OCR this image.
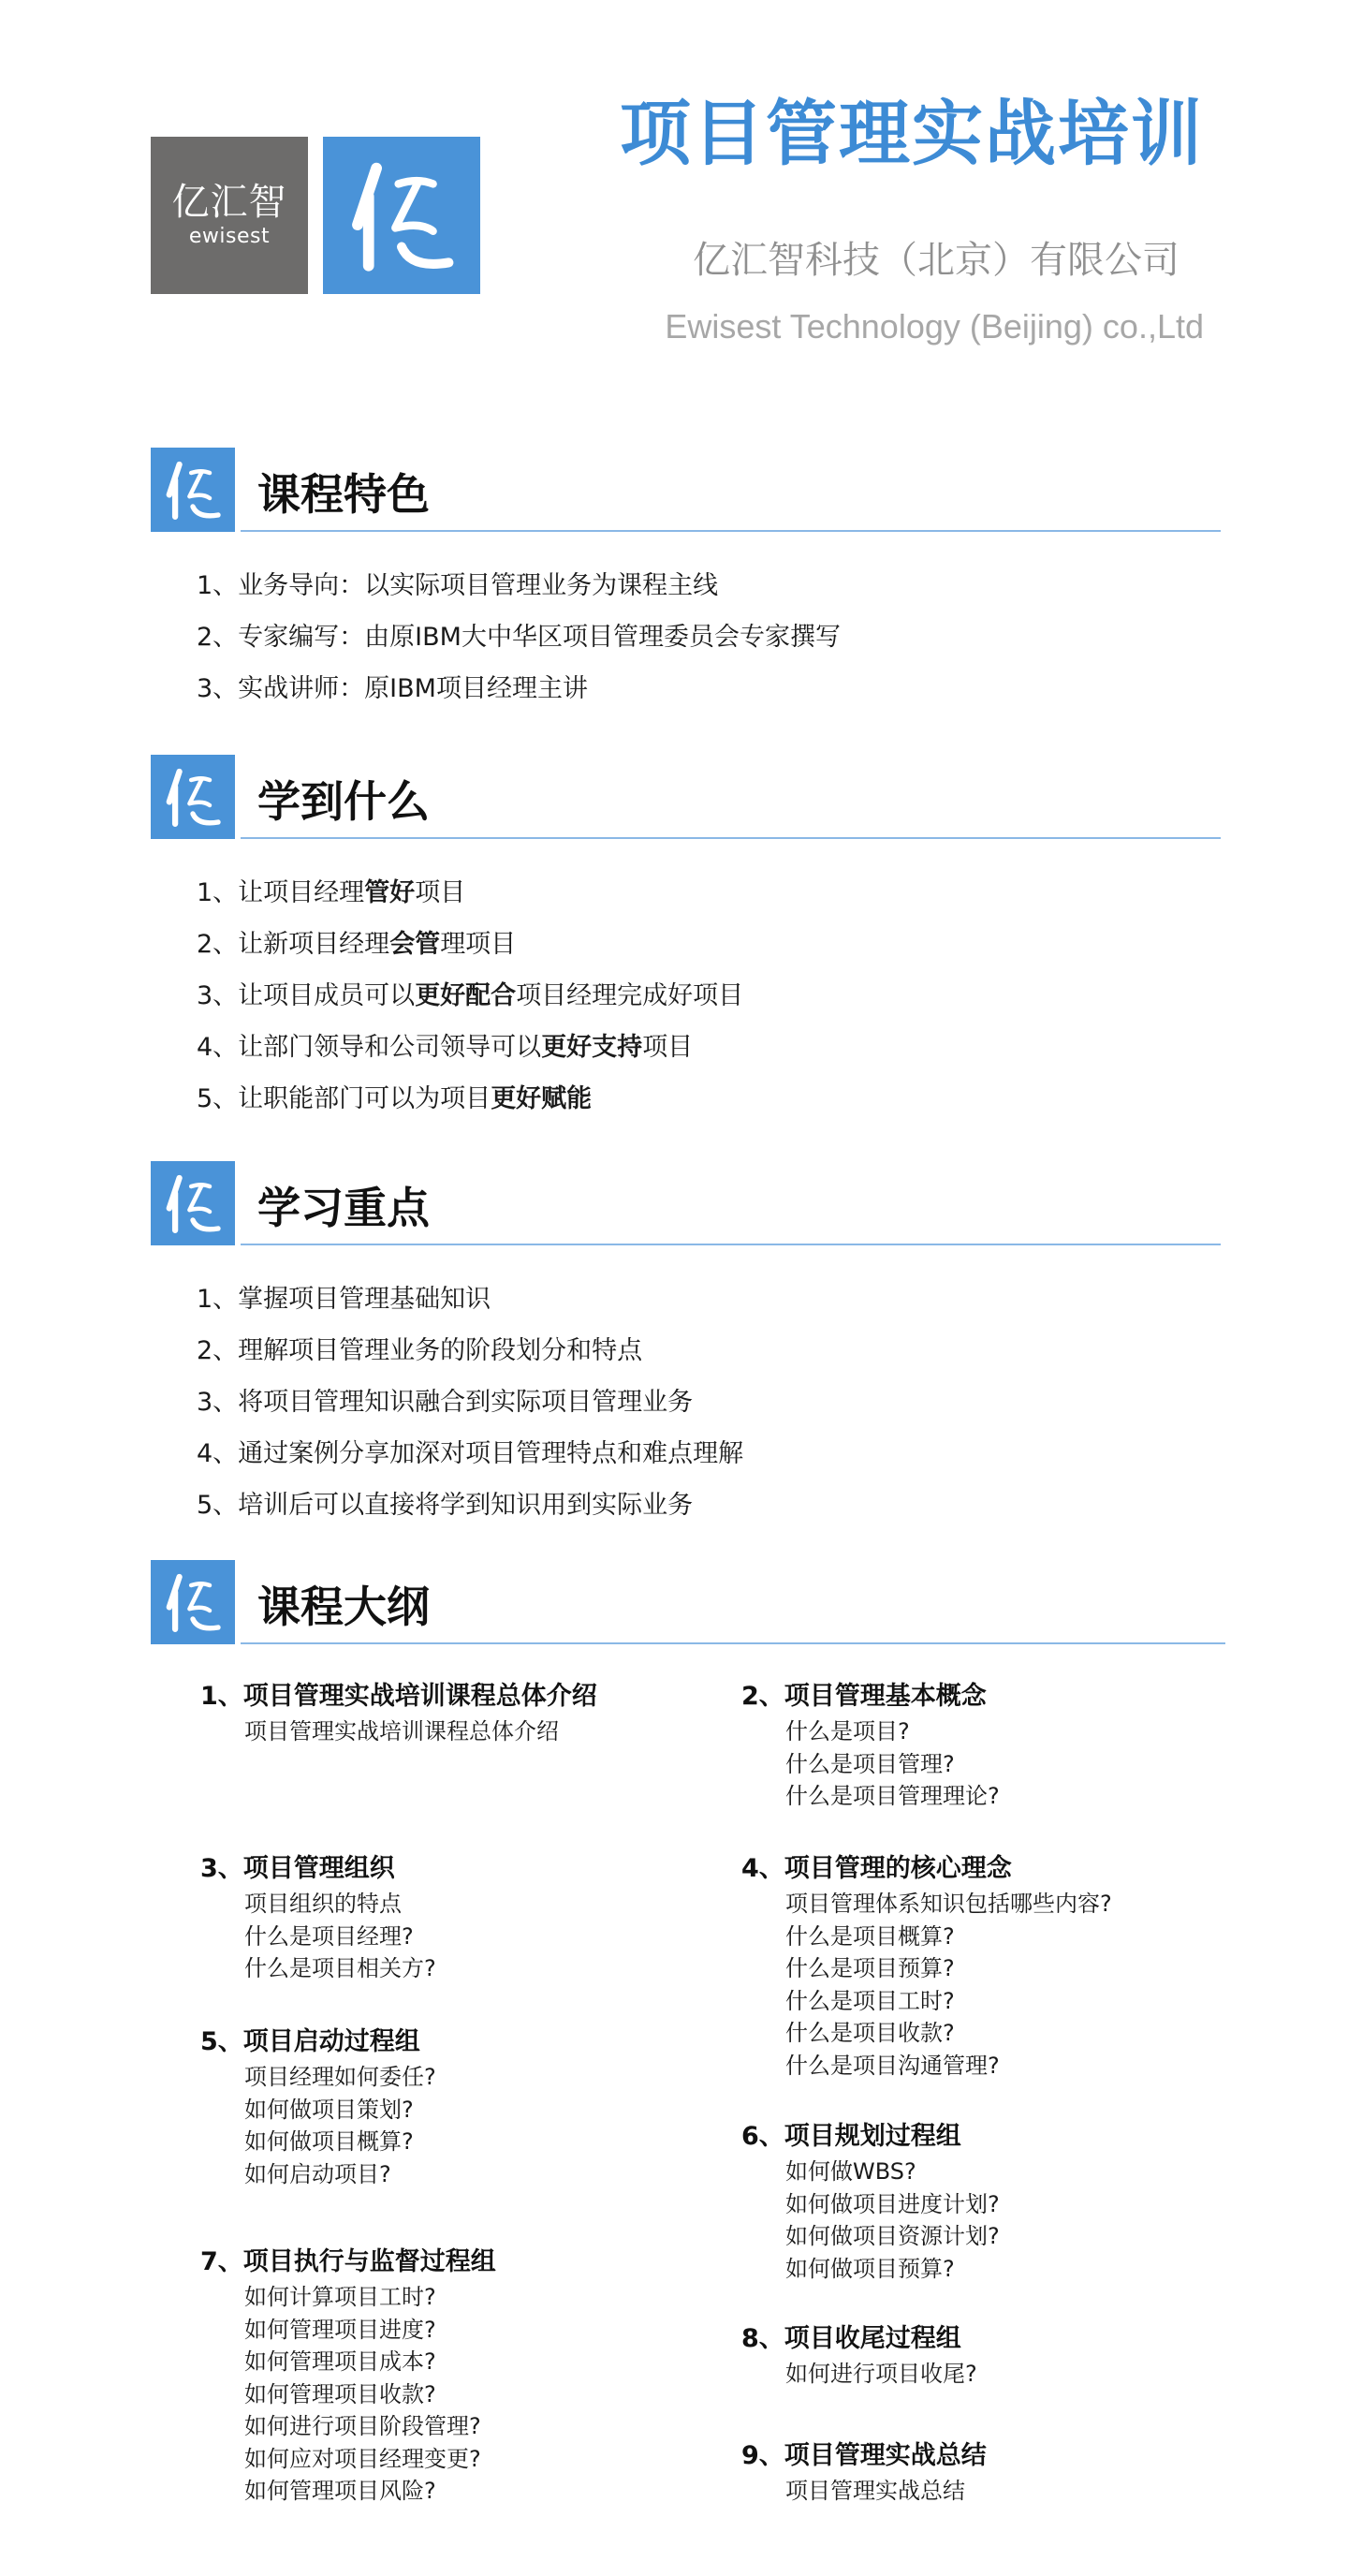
亿汇智
ewisest
项目管理实战培训
亿汇智科技（北京）有限公司
Ewisest Technology (Beijing) co.,Ltd
课程特色
1、业务导向：以实际项目管理业务为课程主线
2、专家编写：由原IBM大中华区项目管理委员会专家撰写
3、实战讲师：原IBM项目经理主讲
学到什么
1、让项目经理管好项目
2、让新项目经理会管理项目
3、让项目成员可以更好配合项目经理完成好项目
4、让部门领导和公司领导可以更好支持项目
5、让职能部门可以为项目更好赋能
学习重点
1、掌握项目管理基础知识
2、理解项目管理业务的阶段划分和特点
3、将项目管理知识融合到实际项目管理业务
4、通过案例分享加深对项目管理特点和难点理解
5、培训后可以直接将学到知识用到实际业务
课程大纲
1、项目管理实战培训课程总体介绍
项目管理实战培训课程总体介绍
2、项目管理基本概念
什么是项目?
什么是项目管理?
什么是项目管理理论?
3、项目管理组织
项目组织的特点
什么是项目经理?
什么是项目相关方?
4、项目管理的核心理念
项目管理体系知识包括哪些内容?
什么是项目概算?
什么是项目预算?
什么是项目工时?
什么是项目收款?
什么是项目沟通管理?
5、项目启动过程组
项目经理如何委任?
如何做项目策划?
如何做项目概算?
如何启动项目?
6、项目规划过程组
如何做WBS?
如何做项目进度计划?
如何做项目资源计划?
如何做项目预算?
7、项目执行与监督过程组
如何计算项目工时?
如何管理项目进度?
如何管理项目成本?
如何管理项目收款?
如何进行项目阶段管理?
如何应对项目经理变更?
如何管理项目风险?
8、项目收尾过程组
如何进行项目收尾?
9、项目管理实战总结
项目管理实战总结
